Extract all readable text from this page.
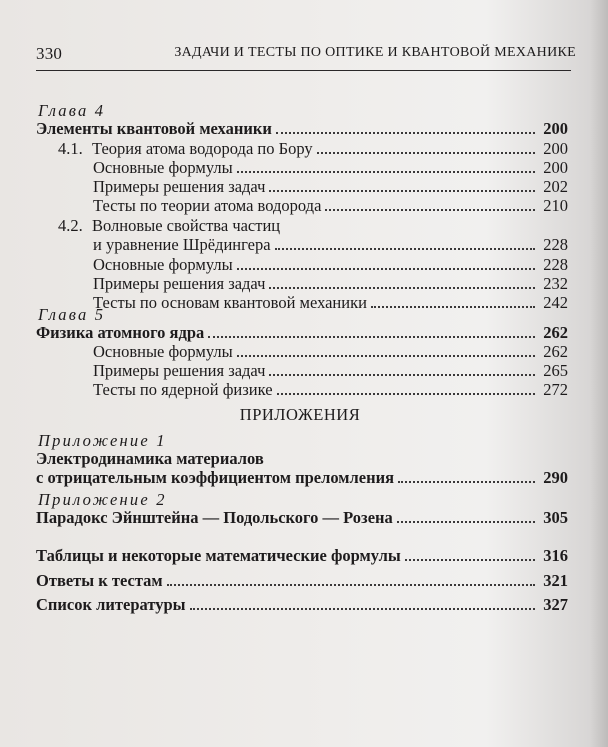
330	ЗАДАЧИ И ТЕСТЫ ПО ОПТИКЕ И КВАНТОВОЙ МЕХАНИКЕ
Глава 4
Элементы квантовой механики	200
4.1. Теория атома водорода по Бору	200
Основные формулы	200
Примеры решения задач	202
Тесты по теории атома водорода	210
4.2. Волновые свойства частиц
и уравнение Шрёдингера	228
Основные формулы	228
Примеры решения задач	232
Тесты по основам квантовой механики	242
Глава 5
Физика атомного ядра	262
Основные формулы	262
Примеры решения задач	265
Тесты по ядерной физике	272
ПРИЛОЖЕНИЯ
Приложение 1
Электродинамика материалов
с отрицательным коэффициентом преломления	290
Приложение 2
Парадокс Эйнштейна — Подольского — Розена	305
Таблицы и некоторые математические формулы	316
Ответы к тестам	321
Список литературы	327
